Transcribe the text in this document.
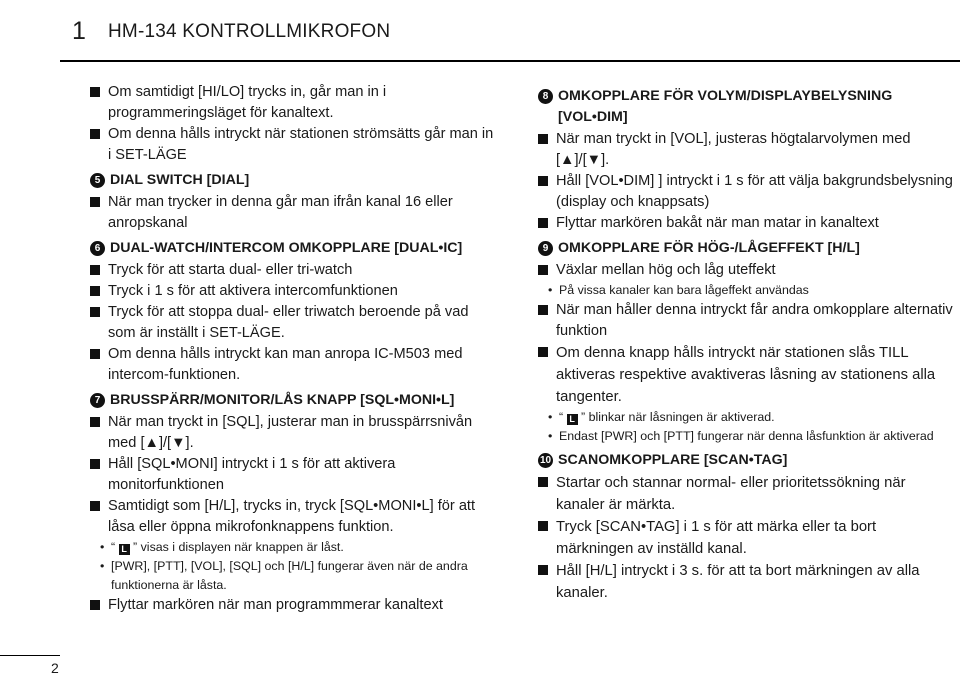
1 HM-134 KONTROLLMIKROFON
Om samtidigt [HI/LO] trycks in, går man in i programmeringsläget för kanaltext.
Om denna hålls intryckt när stationen strömsätts går man in i SET-LÄGE
5 DIAL SWITCH [DIAL]
När man trycker in denna går man ifrån kanal 16 eller anropskanal
6 DUAL-WATCH/INTERCOM OMKOPPLARE [DUAL•IC]
Tryck för att starta dual- eller tri-watch
Tryck i 1 s för att aktivera intercomfunktionen
Tryck för att stoppa dual- eller triwatch beroende på vad som är inställt i SET-LÄGE.
Om denna hålls intryckt kan man anropa IC-M503 med intercom-funktionen.
7 BRUSSPÄRR/MONITOR/LÅS KNAPP [SQL•MONI•L]
När man tryckt in [SQL], justerar man in brusspärrsnivån med [▲]/[▼].
Håll [SQL•MONI] intryckt i 1 s för att aktivera monitorfunktionen
Samtidigt som [H/L], trycks in, tryck [SQL•MONI•L] för att låsa eller öppna mikrofonknappens funktion.
• “ L ” visas i displayen när knappen är låst.
• [PWR], [PTT], [VOL], [SQL] och [H/L] fungerar även när de andra funktionerna är låsta.
Flyttar markören när man programmmerar kanaltext
8 OMKOPPLARE FÖR VOLYM/DISPLAYBELYSNING [VOL•DIM]
När man tryckt in [VOL], justeras högtalarvolymen med [▲]/[▼].
Håll [VOL•DIM] ] intryckt i 1 s för att välja bakgrundsbelysning (display och knappsats)
Flyttar markören bakåt när man matar in kanaltext
9 OMKOPPLARE FÖR HÖG-/LÅGEFFEKT [H/L]
Växlar mellan hög och låg uteffekt
• På vissa kanaler kan bara lågeffekt användas
När man håller denna intryckt får andra omkopplare alternativ funktion
Om denna knapp hålls intryckt när stationen slås TILL aktiveras respektive avaktiveras låsning av stationens alla tangenter.
• “ L ” blinkar när låsningen är aktiverad.
• Endast [PWR] och [PTT] fungerar när denna låsfunktion är aktiverad
10 SCANOMKOPPLARE [SCAN•TAG]
Startar och stannar normal- eller prioritetssökning när kanaler är märkta.
Tryck [SCAN•TAG] i 1 s för att märka eller ta bort märkningen av inställd kanal.
Håll [H/L] intryckt i 3 s. för att ta bort märkningen av alla kanaler.
2
